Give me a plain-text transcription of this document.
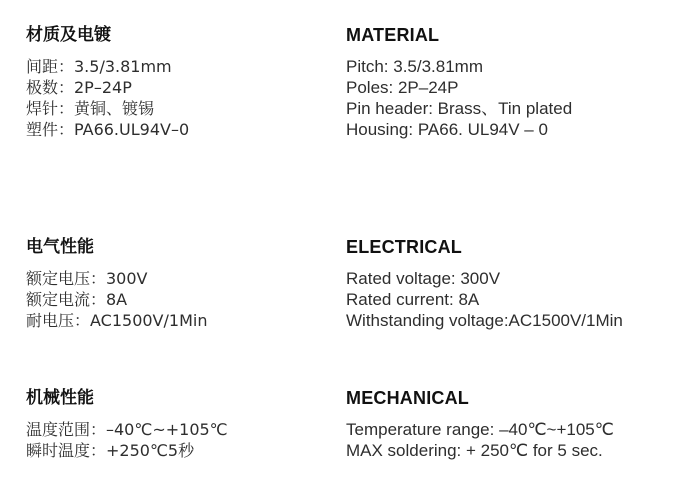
材质及电镀
间距：3.5/3.81mm
极数：2P–24P
焊针：黄铜、镀锡
塑件：PA66.UL94V–0
电气性能
额定电压：300V
额定电流：8A
耐电压：AC1500V/1Min
机械性能
温度范围：–40℃~+105℃
瞬时温度：+250℃5秒
MATERIAL
Pitch: 3.5/3.81mm
Poles: 2P–24P
Pin header: Brass、Tin plated
Housing: PA66. UL94V – 0
ELECTRICAL
Rated voltage: 300V
Rated current: 8A
Withstanding voltage:AC1500V/1Min
MECHANICAL
Temperature range: –40℃~+105℃
MAX soldering: + 250℃ for 5 sec.
